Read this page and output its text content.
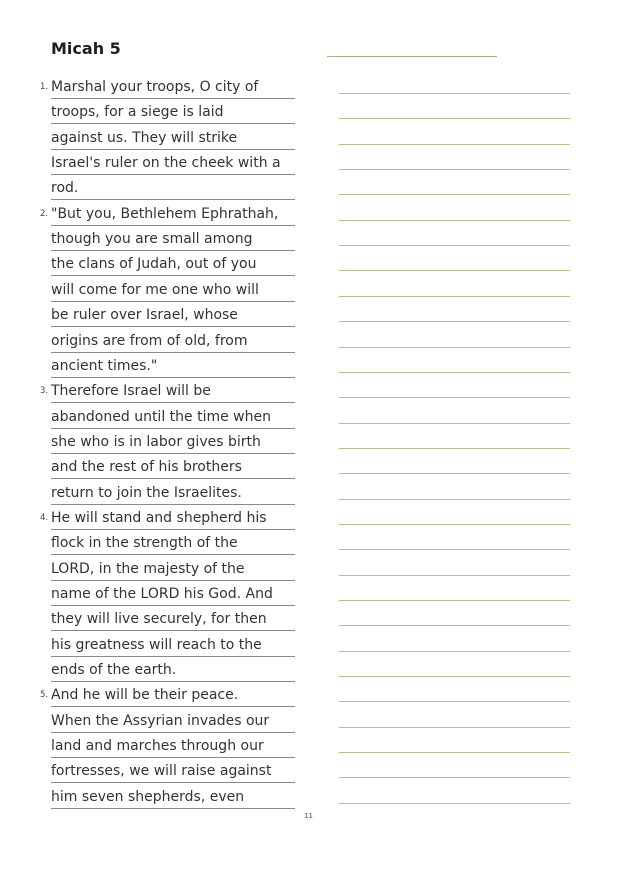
Micah 5
1. Marshal your troops, O city of
troops, for a siege is laid
against us. They will strike
Israel's ruler on the cheek with a
rod.
2. "But you, Bethlehem Ephrathah,
though you are small among
the clans of Judah, out of you
will come for me one who will
be ruler over Israel, whose
origins are from of old, from
ancient times."
3. Therefore Israel will be
abandoned until the time when
she who is in labor gives birth
and the rest of his brothers
return to join the Israelites.
4. He will stand and shepherd his
flock in the strength of the
LORD, in the majesty of the
name of the LORD his God. And
they will live securely, for then
his greatness will reach to the
ends of the earth.
5. And he will be their peace.
When the Assyrian invades our
land and marches through our
fortresses, we will raise against
him seven shepherds, even
11
